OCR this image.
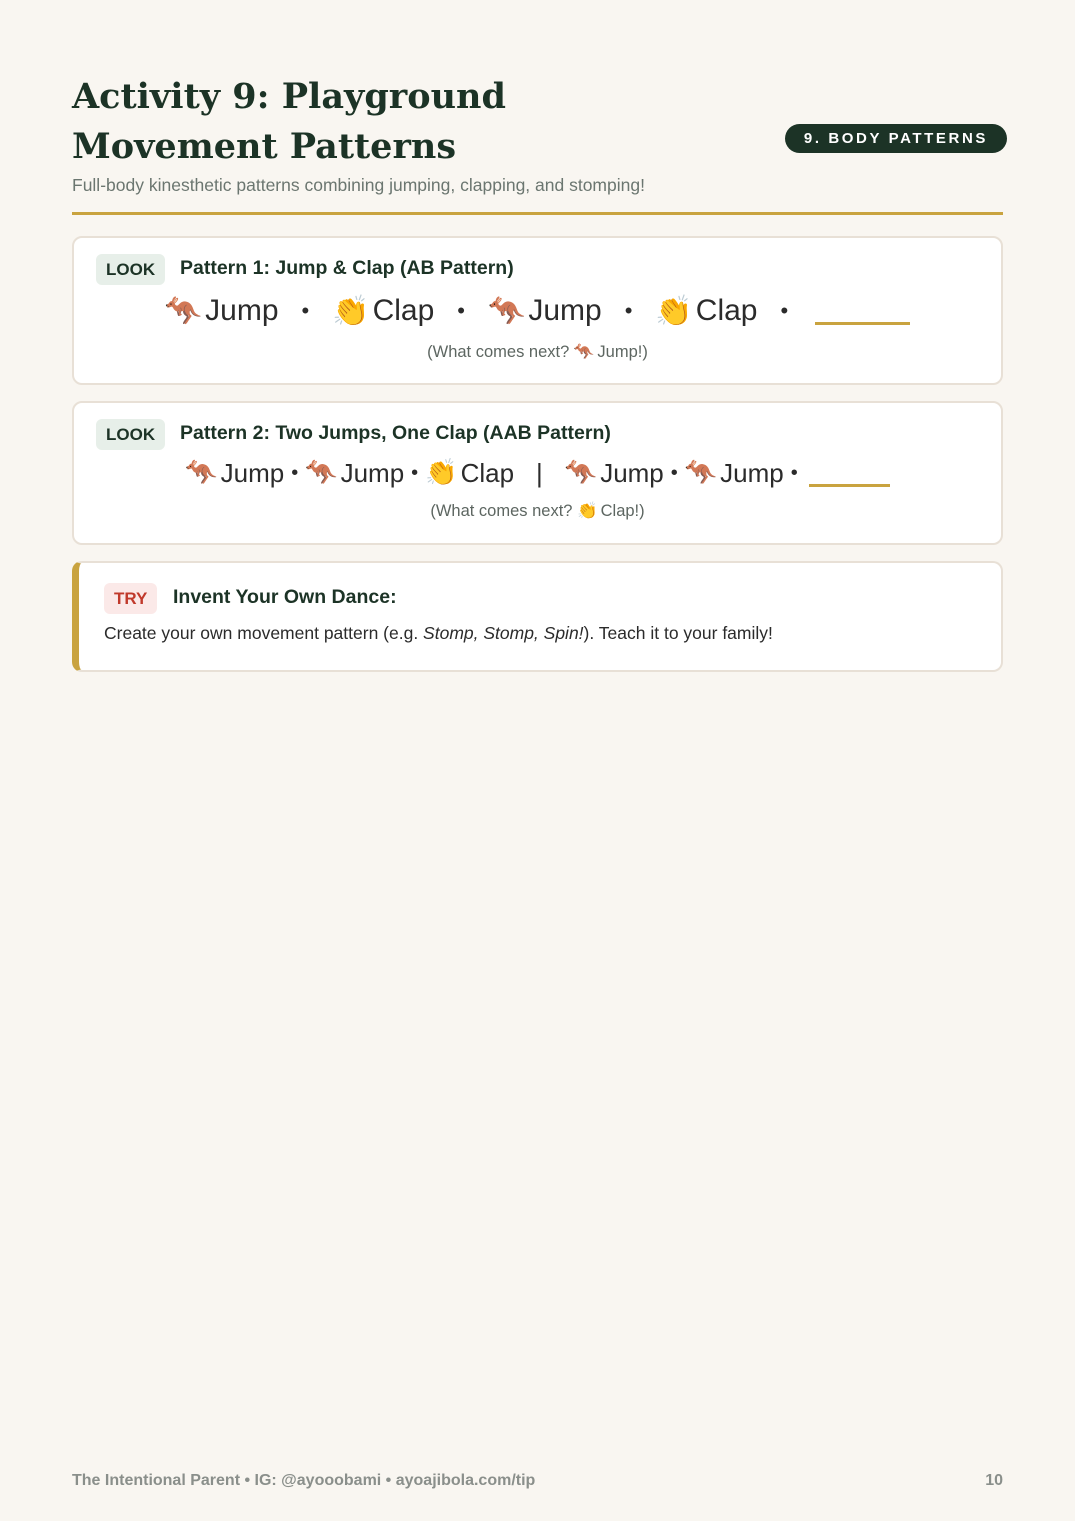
Activity 9: Playground Movement Patterns

Full-body kinesthetic patterns combining jumping, clapping, and stomping!

9. BODY PATTERNS
LOOK	Pattern 1: Jump & Clap (AB Pattern)
🦘 Jump • 👏 Clap • 🦘 Jump • 👏 Clap •
(What comes next? 🦘 Jump!)
LOOK	Pattern 2: Two Jumps, One Clap (AAB Pattern)
🦘 Jump • 🦘 Jump • 👏 Clap | 🦘 Jump • 🦘 Jump •
(What comes next? 👏 Clap!)
TRY	Invent Your Own Dance:

Create your own movement pattern (e.g. Stomp, Stomp, Spin!). Teach it to your family!

The Intentional Parent • IG: @ayooobami • ayoajibola.com/tip	10
